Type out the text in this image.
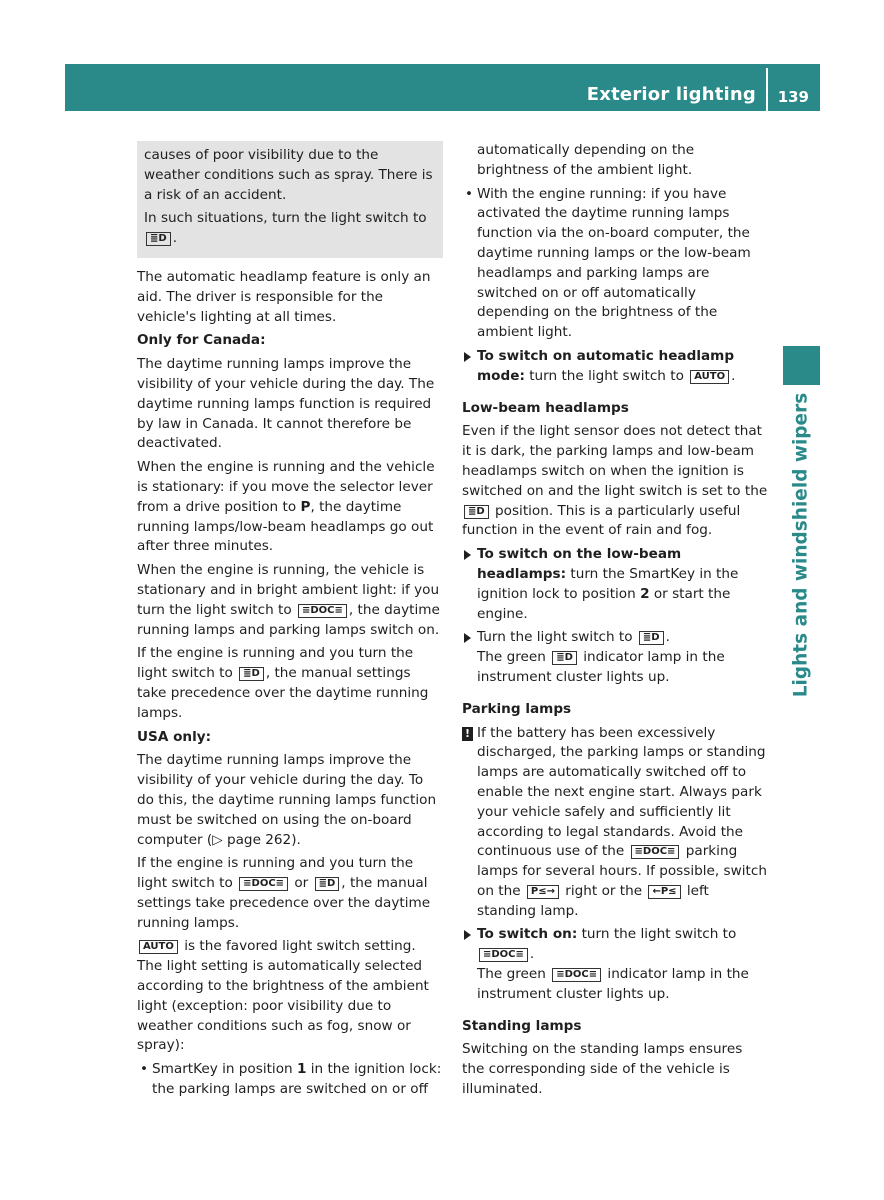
Exterior lighting 139
Lights and windshield wipers

causes of poor visibility due to the weather conditions such as spray. There is a risk of an accident.

In such situations, turn the light switch to
≣D .

The automatic headlamp feature is only an aid. The driver is responsible for the vehicle's lighting at all times.

Only for Canada:

The daytime running lamps improve the visibility of your vehicle during the day. The daytime running lamps function is required by law in Canada. It cannot therefore be deactivated.

When the engine is running and the vehicle is stationary: if you move the selector lever from a drive position to P, the daytime running lamps/low-beam headlamps go out after three minutes.

When the engine is running, the vehicle is stationary and in bright ambient light: if you turn the light switch to ≡DOC≡ , the daytime running lamps and parking lamps switch on.

If the engine is running and you turn the light switch to ≣D , the manual settings take precedence over the daytime running lamps.

USA only:

The daytime running lamps improve the visibility of your vehicle during the day. To do this, the daytime running lamps function must be switched on using the on-board computer (▷ page 262).

If the engine is running and you turn the light switch to ≡DOC≡ or ≣D , the manual settings take precedence over the daytime running lamps.

AUTO is the favored light switch setting. The light setting is automatically selected according to the brightness of the ambient light (exception: poor visibility due to weather conditions such as fog, snow or spray):

• SmartKey in position 1 in the ignition lock: the parking lamps are switched on or off

automatically depending on the brightness of the ambient light.

• With the engine running: if you have activated the daytime running lamps function via the on-board computer, the daytime running lamps or the low-beam headlamps and parking lamps are switched on or off automatically depending on the brightness of the ambient light.
To switch on automatic headlamp mode: turn the light switch to AUTO .

Low-beam headlamps

Even if the light sensor does not detect that it is dark, the parking lamps and low-beam headlamps switch on when the ignition is switched on and the light switch is set to the ≣D position. This is a particularly useful function in the event of rain and fog.

To switch on the low-beam headlamps: turn the SmartKey in the ignition lock to position 2 or start the engine.
Turn the light switch to ≣D .
The green ≣D indicator lamp in the instrument cluster lights up.

Parking lamps

! If the battery has been excessively discharged, the parking lamps or standing lamps are automatically switched off to enable the next engine start. Always park your vehicle safely and sufficiently lit according to legal standards. Avoid the continuous use of the ≡DOC≡ parking lamps for several hours. If possible, switch on the P≤→ right or the ←P≤ left standing lamp.
To switch on: turn the light switch to
≡DOC≡ .
The green ≡DOC≡ indicator lamp in the instrument cluster lights up.

Standing lamps

Switching on the standing lamps ensures the corresponding side of the vehicle is illuminated.
